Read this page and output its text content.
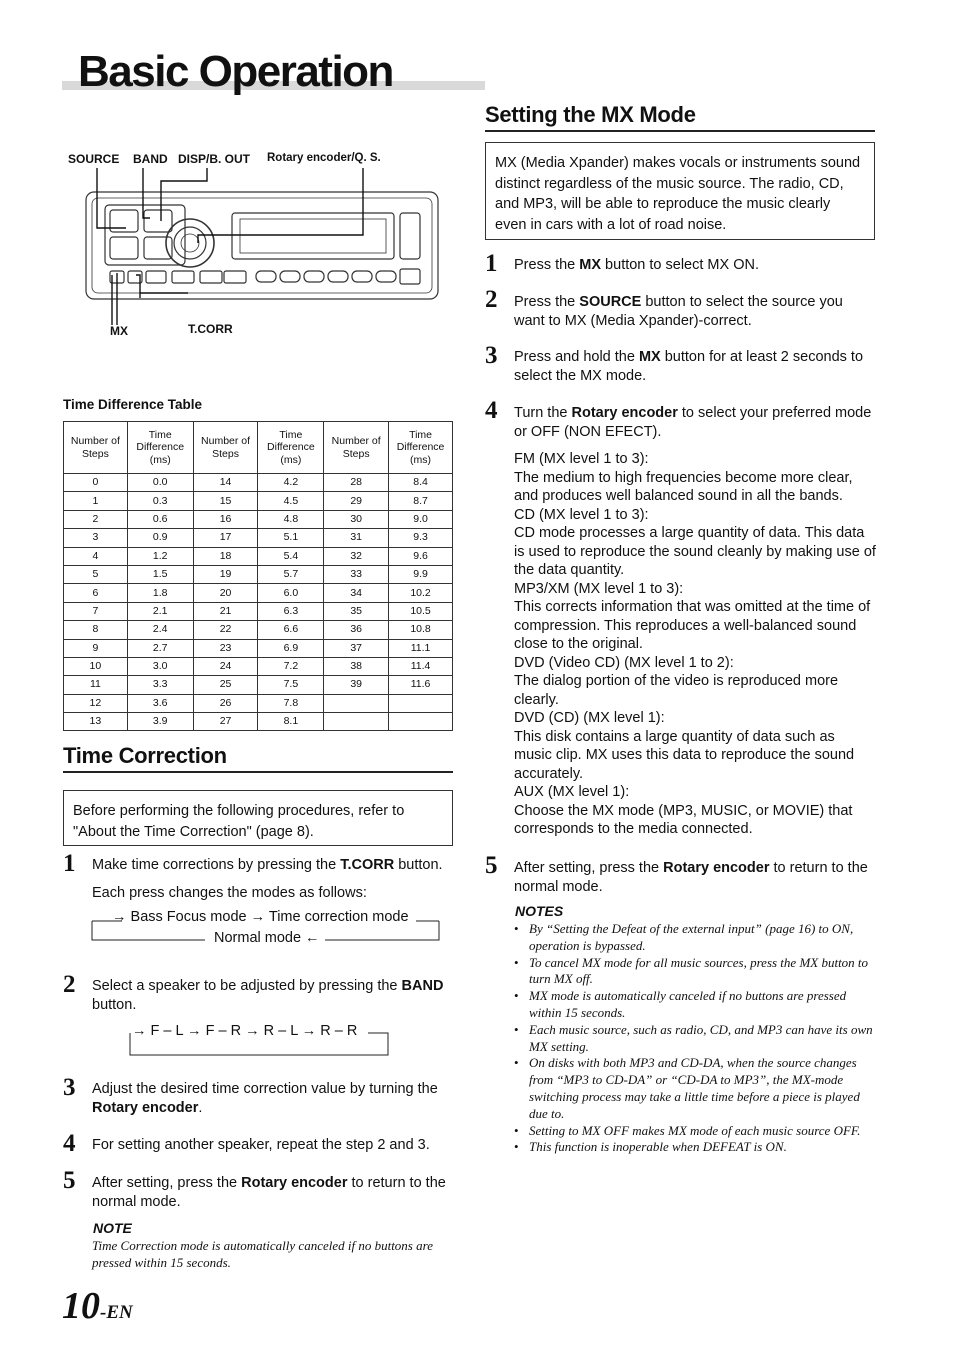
Basic Operation
SOURCE BAND DISP/B. OUT Rotary encoder/Q. S.
MX	T.CORR
Time Difference Table
Number of Steps	Time Difference (ms)	Number of Steps	Time Difference (ms)	Number of Steps	Time Difference (ms)
0	0.0	14	4.2	28	8.4
1	0.3	15	4.5	29	8.7
2	0.6	16	4.8	30	9.0
3	0.9	17	5.1	31	9.3
4	1.2	18	5.4	32	9.6
5	1.5	19	5.7	33	9.9
6	1.8	20	6.0	34	10.2
7	2.1	21	6.3	35	10.5
8	2.4	22	6.6	36	10.8
9	2.7	23	6.9	37	11.1
10	3.0	24	7.2	38	11.4
11	3.3	25	7.5	39	11.6
12	3.6	26	7.8		
13	3.9	27	8.1		
Time Correction
Before performing the following procedures, refer to "About the Time Correction" (page 8).
1 Make time corrections by pressing the T.CORR button.
Each press changes the modes as follows:
→ Bass Focus mode → Time correction mode
Normal mode ←
2 Select a speaker to be adjusted by pressing the BAND button.
→ F – L → F – R → R – L → R – R
3 Adjust the desired time correction value by turning the Rotary encoder.
4 For setting another speaker, repeat the step 2 and 3.
5 After setting, press the Rotary encoder to return to the normal mode.
NOTE
Time Correction mode is automatically canceled if no buttons are pressed within 15 seconds.
10-EN
Setting the MX Mode
MX (Media Xpander) makes vocals or instruments sound distinct regardless of the music source. The radio, CD, and MP3, will be able to reproduce the music clearly even in cars with a lot of road noise.
1 Press the MX button to select MX ON.
2 Press the SOURCE button to select the source you want to MX (Media Xpander)-correct.
3 Press and hold the MX button for at least 2 seconds to select the MX mode.
4 Turn the Rotary encoder to select your preferred mode or OFF (NON EFECT).
FM (MX level 1 to 3):
The medium to high frequencies become more clear, and produces well balanced sound in all the bands.
CD (MX level 1 to 3):
CD mode processes a large quantity of data. This data is used to reproduce the sound cleanly by making use of the data quantity.
MP3/XM (MX level 1 to 3):
This corrects information that was omitted at the time of compression. This reproduces a well-balanced sound close to the original.
DVD (Video CD) (MX level 1 to 2):
The dialog portion of the video is reproduced more clearly.
DVD (CD) (MX level 1):
This disk contains a large quantity of data such as music clip. MX uses this data to reproduce the sound accurately.
AUX (MX level 1):
Choose the MX mode (MP3, MUSIC, or MOVIE) that corresponds to the media connected.
5 After setting, press the Rotary encoder to return to the normal mode.
NOTES
• By “Setting the Defeat of the external input” (page 16) to ON, operation is bypassed.
• To cancel MX mode for all music sources, press the MX button to turn MX off.
• MX mode is automatically canceled if no buttons are pressed within 15 seconds.
• Each music source, such as radio, CD, and MP3 can have its own MX setting.
• On disks with both MP3 and CD-DA, when the source changes from “MP3 to CD-DA” or “CD-DA to MP3”, the MX-mode switching process may take a little time before a piece is played due to.
• Setting to MX OFF makes MX mode of each music source OFF.
• This function is inoperable when DEFEAT is ON.
